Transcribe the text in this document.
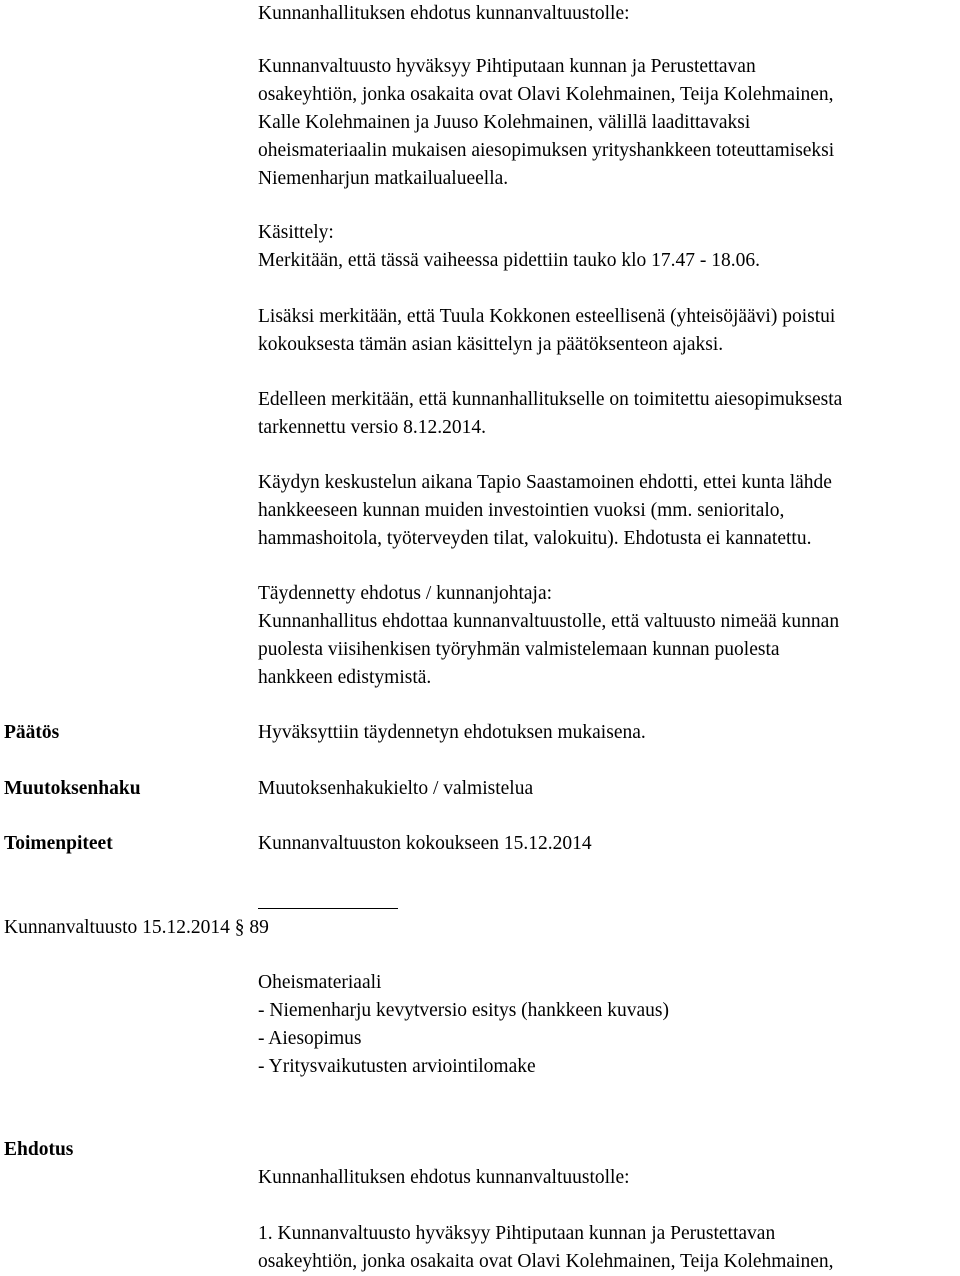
Kunnanhallituksen ehdotus kunnanvaltuustolle:
Kunnanvaltuusto hyväksyy Pihtiputaan kunnan ja Perustettavan
osakeyhtiön, jonka osakaita ovat Olavi Kolehmainen, Teija Kolehmainen,
Kalle Kolehmainen ja Juuso Kolehmainen, välillä laadittavaksi
oheismateriaalin mukaisen aiesopimuksen yrityshankkeen toteuttamiseksi
Niemenharjun matkailualueella.
Käsittely:
Merkitään, että tässä vaiheessa pidettiin tauko klo 17.47 - 18.06.
Lisäksi merkitään, että Tuula Kokkonen esteellisenä (yhteisöjäävi) poistui
kokouksesta tämän asian käsittelyn ja päätöksenteon ajaksi.
Edelleen merkitään, että kunnanhallitukselle on toimitettu aiesopimuksesta
tarkennettu versio 8.12.2014.
Käydyn keskustelun aikana Tapio Saastamoinen ehdotti, ettei kunta lähde
hankkeeseen kunnan muiden investointien vuoksi (mm. senioritalo,
hammashoitola, työterveyden tilat, valokuitu). Ehdotusta ei kannatettu.
Täydennetty ehdotus / kunnanjohtaja:
Kunnanhallitus ehdottaa kunnanvaltuustolle, että valtuusto nimeää kunnan
puolesta viisihenkisen työryhmän valmistelemaan kunnan puolesta
hankkeen edistymistä.
Päätös	Hyväksyttiin täydennetyn ehdotuksen mukaisena.
Muutoksenhaku	Muutoksenhakukielto / valmistelua
Toimenpiteet	Kunnanvaltuuston kokoukseen 15.12.2014
Kunnanvaltuusto 15.12.2014 § 89
Oheismateriaali
- Niemenharju kevytversio esitys (hankkeen kuvaus)
- Aiesopimus
- Yritysvaikutusten arviointilomake
Ehdotus
Kunnanhallituksen ehdotus kunnanvaltuustolle:
1. Kunnanvaltuusto hyväksyy Pihtiputaan kunnan ja Perustettavan
osakeyhtiön, jonka osakaita ovat Olavi Kolehmainen, Teija Kolehmainen,
